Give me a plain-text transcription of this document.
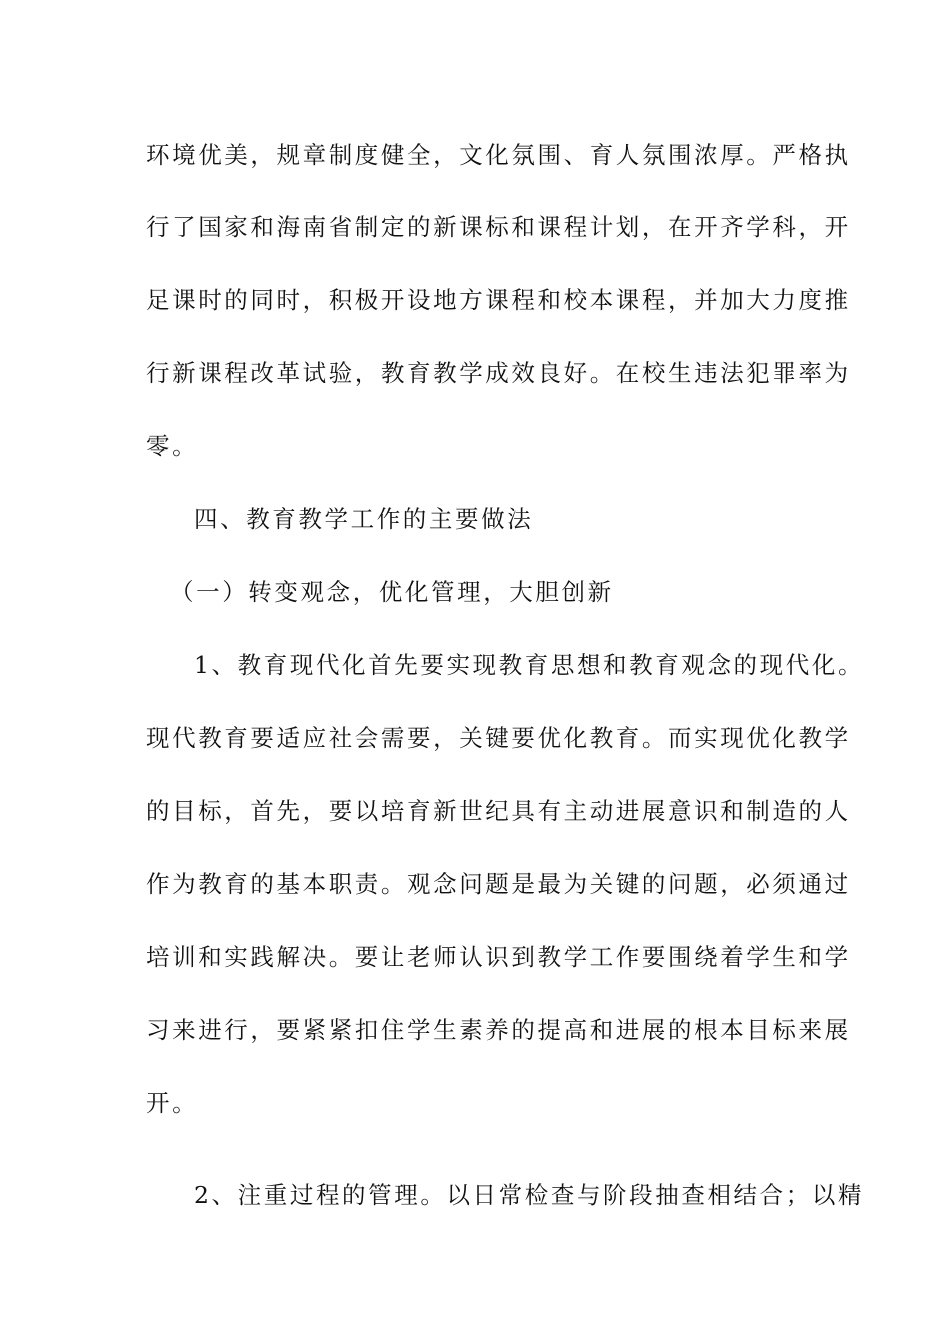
环境优美，规章制度健全，文化氛围、育人氛围浓厚。严格执
行了国家和海南省制定的新课标和课程计划，在开齐学科，开
足课时的同时，积极开设地方课程和校本课程，并加大力度推
行新课程改革试验，教育教学成效良好。在校生违法犯罪率为
零。
四、教育教学工作的主要做法
（一）转变观念，优化管理，大胆创新
1、教育现代化首先要实现教育思想和教育观念的现代化。
现代教育要适应社会需要，关键要优化教育。而实现优化教学
的目标，首先，要以培育新世纪具有主动进展意识和制造的人
作为教育的基本职责。观念问题是最为关键的问题，必须通过
培训和实践解决。要让老师认识到教学工作要围绕着学生和学
习来进行，要紧紧扣住学生素养的提高和进展的根本目标来展
开。
2、注重过程的管理。以日常检查与阶段抽查相结合；以精
